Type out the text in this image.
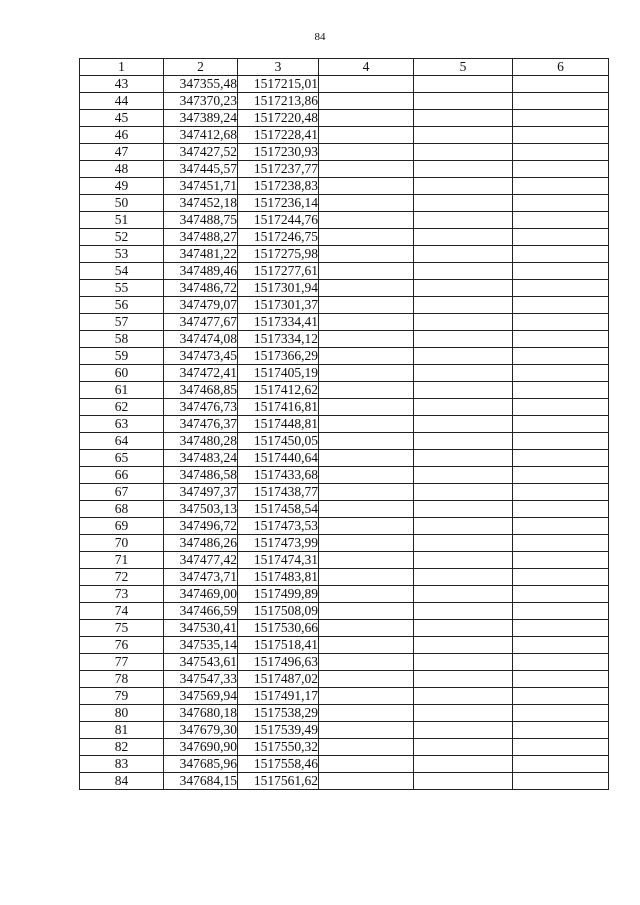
84
1	2	3	4	5	6
43	347355,48	1517215,01			
44	347370,23	1517213,86			
45	347389,24	1517220,48			
46	347412,68	1517228,41			
47	347427,52	1517230,93			
48	347445,57	1517237,77			
49	347451,71	1517238,83			
50	347452,18	1517236,14			
51	347488,75	1517244,76			
52	347488,27	1517246,75			
53	347481,22	1517275,98			
54	347489,46	1517277,61			
55	347486,72	1517301,94			
56	347479,07	1517301,37			
57	347477,67	1517334,41			
58	347474,08	1517334,12			
59	347473,45	1517366,29			
60	347472,41	1517405,19			
61	347468,85	1517412,62			
62	347476,73	1517416,81			
63	347476,37	1517448,81			
64	347480,28	1517450,05			
65	347483,24	1517440,64			
66	347486,58	1517433,68			
67	347497,37	1517438,77			
68	347503,13	1517458,54			
69	347496,72	1517473,53			
70	347486,26	1517473,99			
71	347477,42	1517474,31			
72	347473,71	1517483,81			
73	347469,00	1517499,89			
74	347466,59	1517508,09			
75	347530,41	1517530,66			
76	347535,14	1517518,41			
77	347543,61	1517496,63			
78	347547,33	1517487,02			
79	347569,94	1517491,17			
80	347680,18	1517538,29			
81	347679,30	1517539,49			
82	347690,90	1517550,32			
83	347685,96	1517558,46			
84	347684,15	1517561,62			
